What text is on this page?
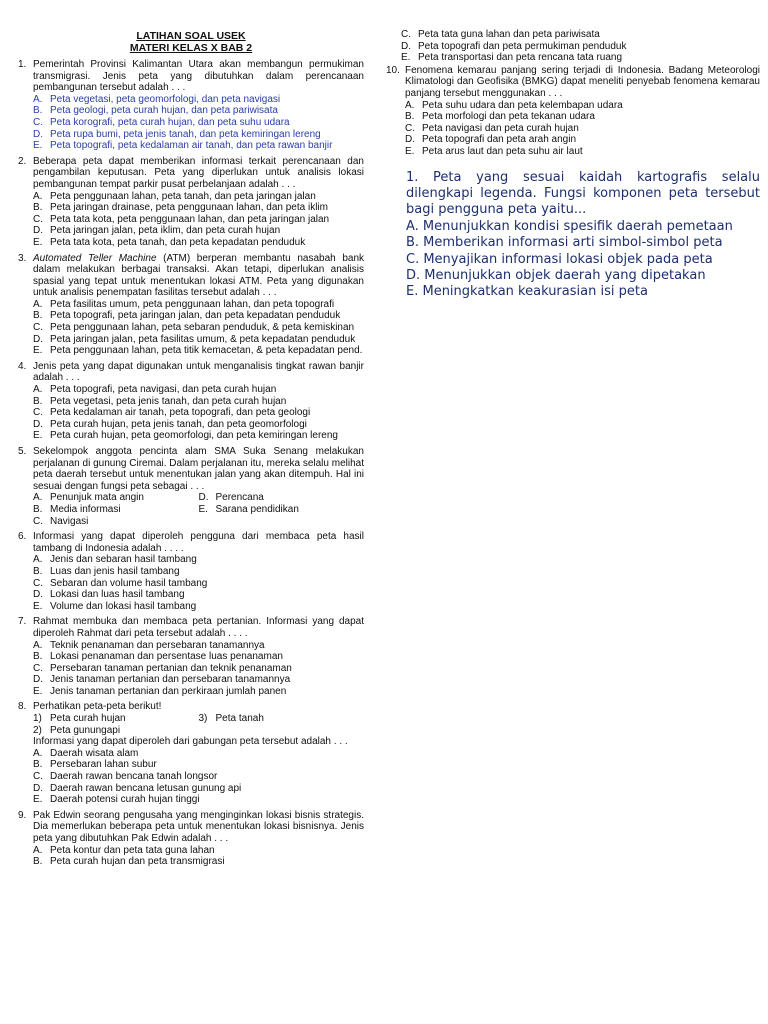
LATIHAN SOAL USEK
MATERI KELAS X BAB 2
1. Pemerintah Provinsi Kalimantan Utara akan membangun permukiman transmigrasi. Jenis peta yang dibutuhkan dalam perencanaan pembangunan tersebut adalah . . .
A. Peta vegetasi, peta geomorfologi, dan peta navigasi
B. Peta geologi, peta curah hujan, dan peta pariwisata
C. Peta korografi, peta curah hujan, dan peta suhu udara
D. Peta rupa bumi, peta jenis tanah, dan peta kemiringan lereng
E. Peta topografi, peta kedalaman air tanah, dan peta rawan banjir
2. Beberapa peta dapat memberikan informasi terkait perencanaan dan pengambilan keputusan. Peta yang diperlukan untuk analisis lokasi pembangunan tempat parkir pusat perbelanjaan adalah . . .
A. Peta penggunaan lahan, peta tanah, dan peta jaringan jalan
B. Peta jaringan drainase, peta penggunaan lahan, dan peta iklim
C. Peta tata kota, peta penggunaan lahan, dan peta jaringan jalan
D. Peta jaringan jalan, peta iklim, dan peta curah hujan
E. Peta tata kota, peta tanah, dan peta kepadatan penduduk
3. Automated Teller Machine (ATM) berperan membantu nasabah bank dalam melakukan berbagai transaksi. Akan tetapi, diperlukan analisis spasial yang tepat untuk menentukan lokasi ATM. Peta yang digunakan untuk analisis penempatan fasilitas tersebut adalah . . .
A. Peta fasilitas umum, peta penggunaan lahan, dan peta topografi
B. Peta topografi, peta jaringan jalan, dan peta kepadatan penduduk
C. Peta penggunaan lahan, peta sebaran penduduk, & peta kemiskinan
D. Peta jaringan jalan, peta fasilitas umum, & peta kepadatan penduduk
E. Peta penggunaan lahan, peta titik kemacetan, & peta kepadatan pend.
4. Jenis peta yang dapat digunakan untuk menganalisis tingkat rawan banjir adalah . . .
A. Peta topografi, peta navigasi, dan peta curah hujan
B. Peta vegetasi, peta jenis tanah, dan peta curah hujan
C. Peta kedalaman air tanah, peta topografi, dan peta geologi
D. Peta curah hujan, peta jenis tanah, dan peta geomorfologi
E. Peta curah hujan, peta geomorfologi, dan peta kemiringan lereng
5. Sekelompok anggota pencinta alam SMA Suka Senang melakukan perjalanan di gunung Ciremai. Dalam perjalanan itu, mereka selalu melihat peta daerah tersebut untuk menentukan jalan yang akan ditempuh. Hal ini sesuai dengan fungsi peta sebagai . . .
A. Penunjuk mata angin	D. Perencana
B. Media informasi	E. Sarana pendidikan
C. Navigasi
6. Informasi yang dapat diperoleh pengguna dari membaca peta hasil tambang di Indonesia adalah . . . .
A. Jenis dan sebaran hasil tambang
B. Luas dan jenis hasil tambang
C. Sebaran dan volume hasil tambang
D. Lokasi dan luas hasil tambang
E. Volume dan lokasi hasil tambang
7. Rahmat membuka dan membaca peta pertanian. Informasi yang dapat diperoleh Rahmat dari peta tersebut adalah . . . .
A. Teknik penanaman dan persebaran tanamannya
B. Lokasi penanaman dan persentase luas penanaman
C. Persebaran tanaman pertanian dan teknik penanaman
D. Jenis tanaman pertanian dan persebaran tanamannya
E. Jenis tanaman pertanian dan perkiraan jumlah panen
8. Perhatikan peta-peta berikut!
1) Peta curah hujan	3) Peta tanah
2) Peta gunungapi
Informasi yang dapat diperoleh dari gabungan peta tersebut adalah . . .
A. Daerah wisata alam
B. Persebaran lahan subur
C. Daerah rawan bencana tanah longsor
D. Daerah rawan bencana letusan gunung api
E. Daerah potensi curah hujan tinggi
9. Pak Edwin seorang pengusaha yang menginginkan lokasi bisnis strategis. Dia memerlukan beberapa peta untuk menentukan lokasi bisnisnya. Jenis peta yang dibutuhkan Pak Edwin adalah . . .
A. Peta kontur dan peta tata guna lahan
B. Peta curah hujan dan peta transmigrasi
C. Peta tata guna lahan dan peta pariwisata
D. Peta topografi dan peta permukiman penduduk
E. Peta transportasi dan peta rencana tata ruang
10. Fenomena kemarau panjang sering terjadi di Indonesia. Badang Meteorologi Klimatologi dan Geofisika (BMKG) dapat meneliti penyebab fenomena kemarau panjang tersebut menggunakan . . .
A. Peta suhu udara dan peta kelembapan udara
B. Peta morfologi dan peta tekanan udara
C. Peta navigasi dan peta curah hujan
D. Peta topografi dan peta arah angin
E. Peta arus laut dan peta suhu air laut

1. Peta yang sesuai kaidah kartografis selalu dilengkapi legenda. Fungsi komponen peta tersebut bagi pengguna peta yaitu...

A. Menunjukkan kondisi spesifik daerah pemetaan

B. Memberikan informasi arti simbol-simbol peta

C. Menyajikan informasi lokasi objek pada peta

D. Menunjukkan objek daerah yang dipetakan

E. Meningkatkan keakurasian isi peta
